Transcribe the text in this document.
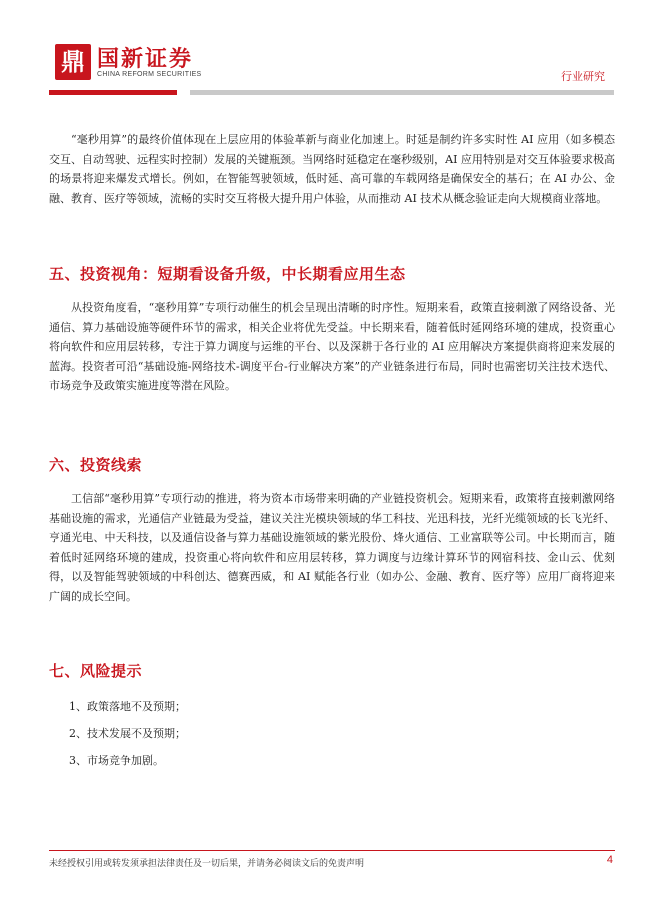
鼎 国新证券
CHINA REFORM SECURITIES	行业研究

“毫秒用算”的最终价值体现在上层应用的体验革新与商业化加速上。时延是制约许多实时性 AI 应用（如多模态交互、自动驾驶、远程实时控制）发展的关键瓶颈。当网络时延稳定在毫秒级别，AI 应用特别是对交互体验要求极高的场景将迎来爆发式增长。例如，在智能驾驶领域，低时延、高可靠的车载网络是确保安全的基石；在 AI 办公、金融、教育、医疗等领域，流畅的实时交互将极大提升用户体验，从而推动 AI 技术从概念验证走向大规模商业落地。

五、投资视角：短期看设备升级，中长期看应用生态

从投资角度看，“毫秒用算”专项行动催生的机会呈现出清晰的时序性。短期来看，政策直接刺激了网络设备、光通信、算力基础设施等硬件环节的需求，相关企业将优先受益。中长期来看，随着低时延网络环境的建成，投资重心将向软件和应用层转移，专注于算力调度与运维的平台、以及深耕于各行业的 AI 应用解决方案提供商将迎来发展的蓝海。投资者可沿“基础设施-网络技术-调度平台-行业解决方案”的产业链条进行布局，同时也需密切关注技术迭代、市场竞争及政策实施进度等潜在风险。

六、投资线索

工信部“毫秒用算”专项行动的推进，将为资本市场带来明确的产业链投资机会。短期来看，政策将直接刺激网络基础设施的需求，光通信产业链最为受益，建议关注光模块领域的华工科技、光迅科技，光纤光缆领域的长飞光纤、亨通光电、中天科技，以及通信设备与算力基础设施领域的紫光股份、烽火通信、工业富联等公司。中长期而言，随着低时延网络环境的建成，投资重心将向软件和应用层转移，算力调度与边缘计算环节的网宿科技、金山云、优刻得，以及智能驾驶领域的中科创达、德赛西威，和 AI 赋能各行业（如办公、金融、教育、医疗等）应用厂商将迎来广阔的成长空间。

七、风险提示
1、政策落地不及预期；
2、技术发展不及预期；
3、市场竞争加剧。
未经授权引用或转发须承担法律责任及一切后果，并请务必阅读文后的免责声明	4
